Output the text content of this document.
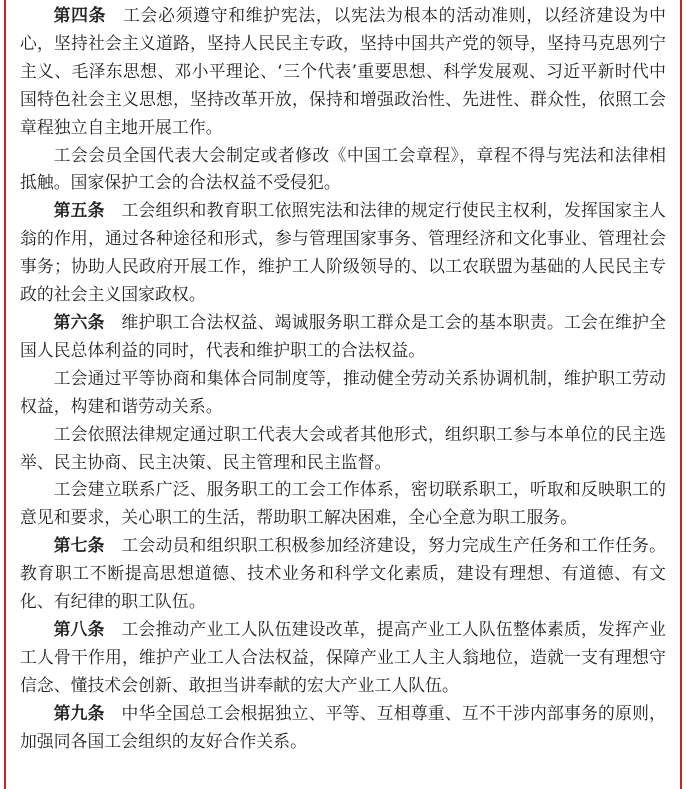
第四条 工会必须遵守和维护宪法，以宪法为根本的活动准则，以经济建设为中心，坚持社会主义道路，坚持人民民主专政，坚持中国共产党的领导，坚持马克思列宁主义、毛泽东思想、邓小平理论、‘三个代表’重要思想、科学发展观、习近平新时代中国特色社会主义思想，坚持改革开放，保持和增强政治性、先进性、群众性，依照工会章程独立自主地开展工作。

工会会员全国代表大会制定或者修改《中国工会章程》，章程不得与宪法和法律相抵触。国家保护工会的合法权益不受侵犯。

第五条 工会组织和教育职工依照宪法和法律的规定行使民主权利，发挥国家主人翁的作用，通过各种途径和形式，参与管理国家事务、管理经济和文化事业、管理社会事务；协助人民政府开展工作，维护工人阶级领导的、以工农联盟为基础的人民民主专政的社会主义国家政权。

第六条 维护职工合法权益、竭诚服务职工群众是工会的基本职责。工会在维护全国人民总体利益的同时，代表和维护职工的合法权益。

工会通过平等协商和集体合同制度等，推动健全劳动关系协调机制，维护职工劳动权益，构建和谐劳动关系。

工会依照法律规定通过职工代表大会或者其他形式，组织职工参与本单位的民主选举、民主协商、民主决策、民主管理和民主监督。

工会建立联系广泛、服务职工的工会工作体系，密切联系职工，听取和反映职工的意见和要求，关心职工的生活，帮助职工解决困难，全心全意为职工服务。

第七条 工会动员和组织职工积极参加经济建设，努力完成生产任务和工作任务。教育职工不断提高思想道德、技术业务和科学文化素质，建设有理想、有道德、有文化、有纪律的职工队伍。

第八条 工会推动产业工人队伍建设改革，提高产业工人队伍整体素质，发挥产业工人骨干作用，维护产业工人合法权益，保障产业工人主人翁地位，造就一支有理想守信念、懂技术会创新、敢担当讲奉献的宏大产业工人队伍。

第九条 中华全国总工会根据独立、平等、互相尊重、互不干涉内部事务的原则，加强同各国工会组织的友好合作关系。
